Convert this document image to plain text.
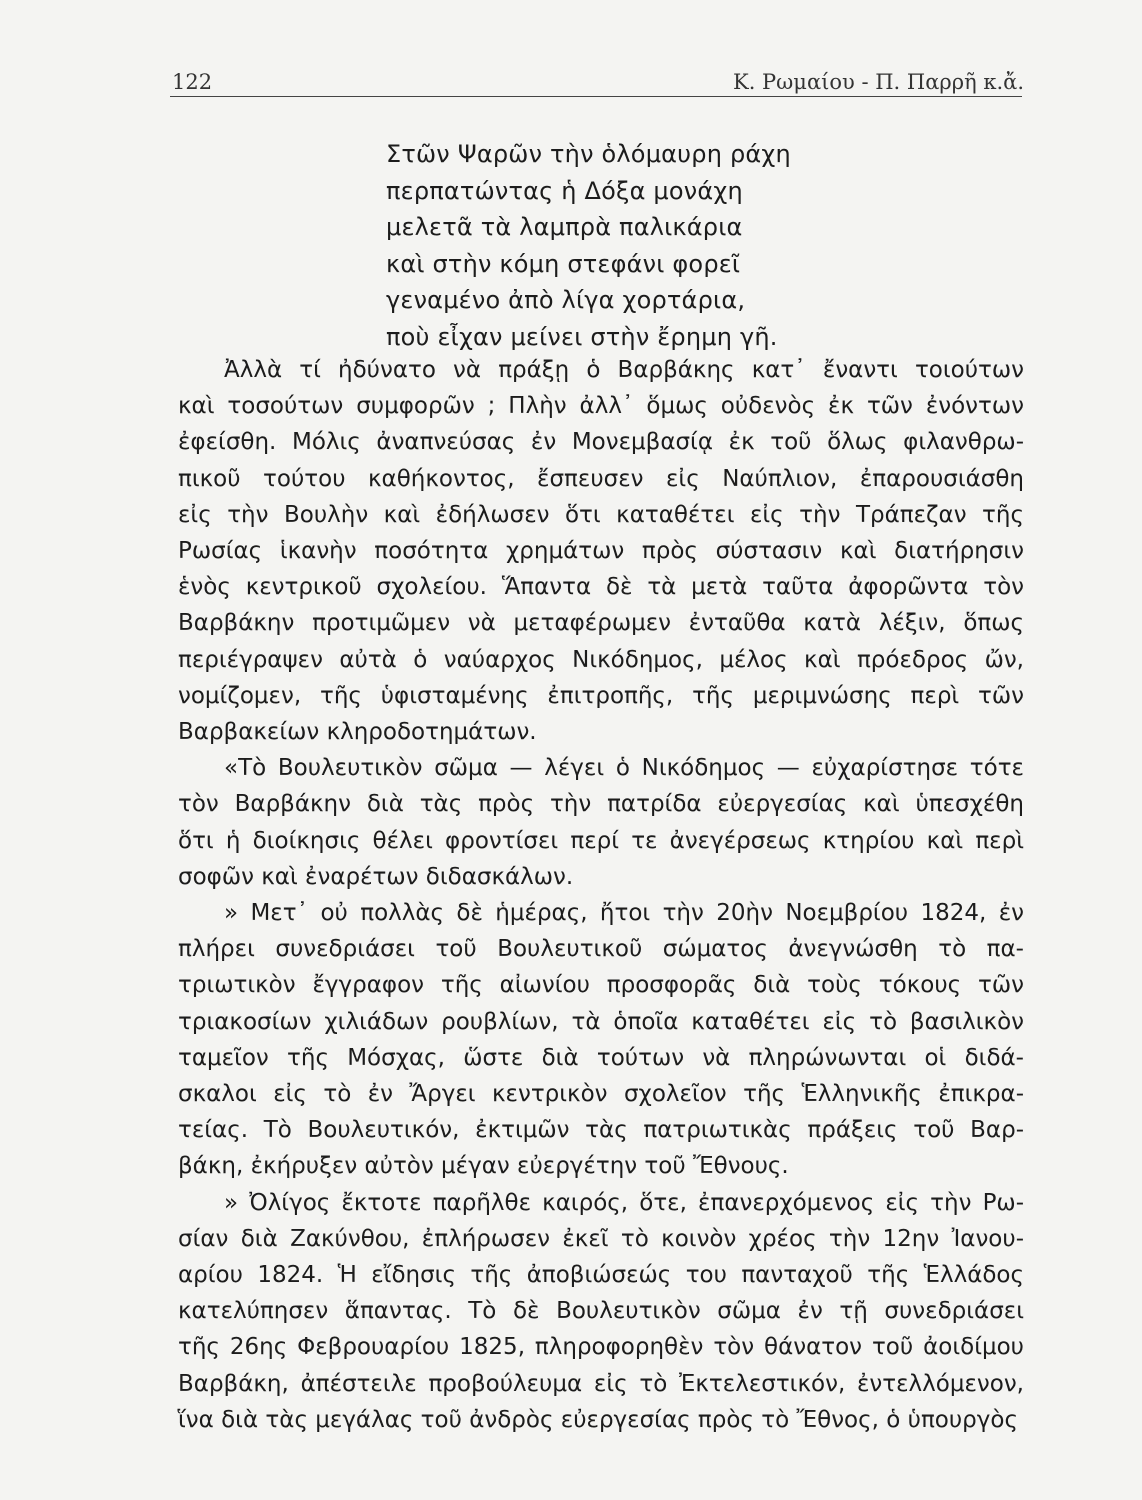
122	Κ. Ρωμαίου - Π. Παρρῆ κ.ἄ.
Στῶν Ψαρῶν τὴν ὁλόμαυρη ράχη
περπατώντας ἡ Δόξα μονάχη
μελετᾶ τὰ λαμπρὰ παλικάρια
καὶ στὴν κόμη στεφάνι φορεῖ
γεναμένο ἀπὸ λίγα χορτάρια,
ποὺ εἶχαν μείνει στὴν ἔρημη γῆ.

Ἀλλὰ τί ἠδύνατο νὰ πράξῃ ὁ Βαρβάκης κατ᾿ ἔναντι τοιούτων
καὶ τοσούτων συμφορῶν ; Πλὴν ἀλλ᾿ ὅμως οὐδενὸς ἐκ τῶν ἐνόντων
ἐφείσθη. Μόλις ἀναπνεύσας ἐν Μονεμβασίᾳ ἐκ τοῦ ὅλως φιλανθρω-
πικοῦ τούτου καθήκοντος, ἔσπευσεν εἰς Ναύπλιον, ἐπαρουσιάσθη
εἰς τὴν Βουλὴν καὶ ἐδήλωσεν ὅτι καταθέτει εἰς τὴν Τράπεζαν τῆς
Ρωσίας ἱκανὴν ποσότητα χρημάτων πρὸς σύστασιν καὶ διατήρησιν
ἑνὸς κεντρικοῦ σχολείου. Ἅπαντα δὲ τὰ μετὰ ταῦτα ἀφορῶντα τὸν
Βαρβάκην προτιμῶμεν νὰ μεταφέρωμεν ἐνταῦθα κατὰ λέξιν, ὅπως
περιέγραψεν αὐτὰ ὁ ναύαρχος Νικόδημος, μέλος καὶ πρόεδρος ὤν,
νομίζομεν, τῆς ὑφισταμένης ἐπιτροπῆς, τῆς μεριμνώσης περὶ τῶν
Βαρβακείων κληροδοτημάτων.

«Τὸ Βουλευτικὸν σῶμα — λέγει ὁ Νικόδημος — εὐχαρίστησε τότε
τὸν Βαρβάκην διὰ τὰς πρὸς τὴν πατρίδα εὐεργεσίας καὶ ὑπεσχέθη
ὅτι ἡ διοίκησις θέλει φροντίσει περί τε ἀνεγέρσεως κτηρίου καὶ περὶ
σοφῶν καὶ ἐναρέτων διδασκάλων.

» Μετ᾿ οὐ πολλὰς δὲ ἡμέρας, ἤτοι τὴν 20ὴν Νοεμβρίου 1824, ἐν
πλήρει συνεδριάσει τοῦ Βουλευτικοῦ σώματος ἀνεγνώσθη τὸ πα-
τριωτικὸν ἔγγραφον τῆς αἰωνίου προσφορᾶς διὰ τοὺς τόκους τῶν
τριακοσίων χιλιάδων ρουβλίων, τὰ ὁποῖα καταθέτει εἰς τὸ βασιλικὸν
ταμεῖον τῆς Μόσχας, ὥστε διὰ τούτων νὰ πληρώνωνται οἱ διδά-
σκαλοι εἰς τὸ ἐν Ἄργει κεντρικὸν σχολεῖον τῆς Ἑλληνικῆς ἐπικρα-
τείας. Τὸ Βουλευτικόν, ἐκτιμῶν τὰς πατριωτικὰς πράξεις τοῦ Βαρ-
βάκη, ἐκήρυξεν αὐτὸν μέγαν εὐεργέτην τοῦ Ἔθνους.

» Ὀλίγος ἔκτοτε παρῆλθε καιρός, ὅτε, ἐπανερχόμενος εἰς τὴν Ρω-
σίαν διὰ Ζακύνθου, ἐπλήρωσεν ἐκεῖ τὸ κοινὸν χρέος τὴν 12ην Ἰανου-
αρίου 1824. Ἡ εἴδησις τῆς ἀποβιώσεώς του πανταχοῦ τῆς Ἑλλάδος
κατελύπησεν ἅπαντας. Τὸ δὲ Βουλευτικὸν σῶμα ἐν τῇ συνεδριάσει
τῆς 26ης Φεβρουαρίου 1825, πληροφορηθὲν τὸν θάνατον τοῦ ἀοιδίμου
Βαρβάκη, ἀπέστειλε προβούλευμα εἰς τὸ Ἐκτελεστικόν, ἐντελλόμενον,
ἵνα διὰ τὰς μεγάλας τοῦ ἀνδρὸς εὐεργεσίας πρὸς τὸ Ἔθνος, ὁ ὑπουργὸς
